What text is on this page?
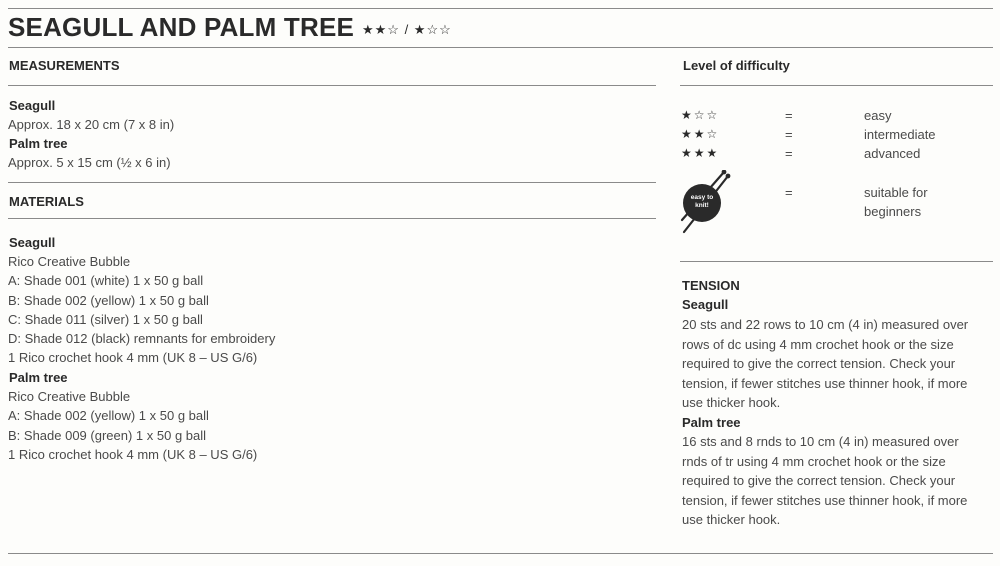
SEAGULL AND PALM TREE ★★☆ / ★☆☆
MEASUREMENTS
Seagull
Approx. 18 x 20 cm (7 x 8 in)
Palm tree
Approx. 5 x 15 cm (½ x 6 in)
MATERIALS
Seagull
Rico Creative Bubble
A: Shade 001 (white) 1 x 50 g ball
B: Shade 002 (yellow) 1 x 50 g ball
C: Shade 011 (silver) 1 x 50 g ball
D: Shade 012 (black) remnants for embroidery
1 Rico crochet hook 4 mm (UK 8 – US G/6)
Palm tree
Rico Creative Bubble
A: Shade 002 (yellow) 1 x 50 g ball
B: Shade 009 (green) 1 x 50 g ball
1 Rico crochet hook 4 mm (UK 8 – US G/6)
Level of difficulty
★☆☆	=	easy
★★☆	=	intermediate
★★★	=	advanced
easy to knit!
=	suitable for
beginners
TENSION
Seagull
20 sts and 22 rows to 10 cm (4 in) measured over
rows of dc using 4 mm crochet hook or the size
required to give the correct tension. Check your
tension, if fewer stitches use thinner hook, if more
use thicker hook.
Palm tree
16 sts and 8 rnds to 10 cm (4 in) measured over
rnds of tr using 4 mm crochet hook or the size
required to give the correct tension. Check your
tension, if fewer stitches use thinner hook, if more
use thicker hook.
